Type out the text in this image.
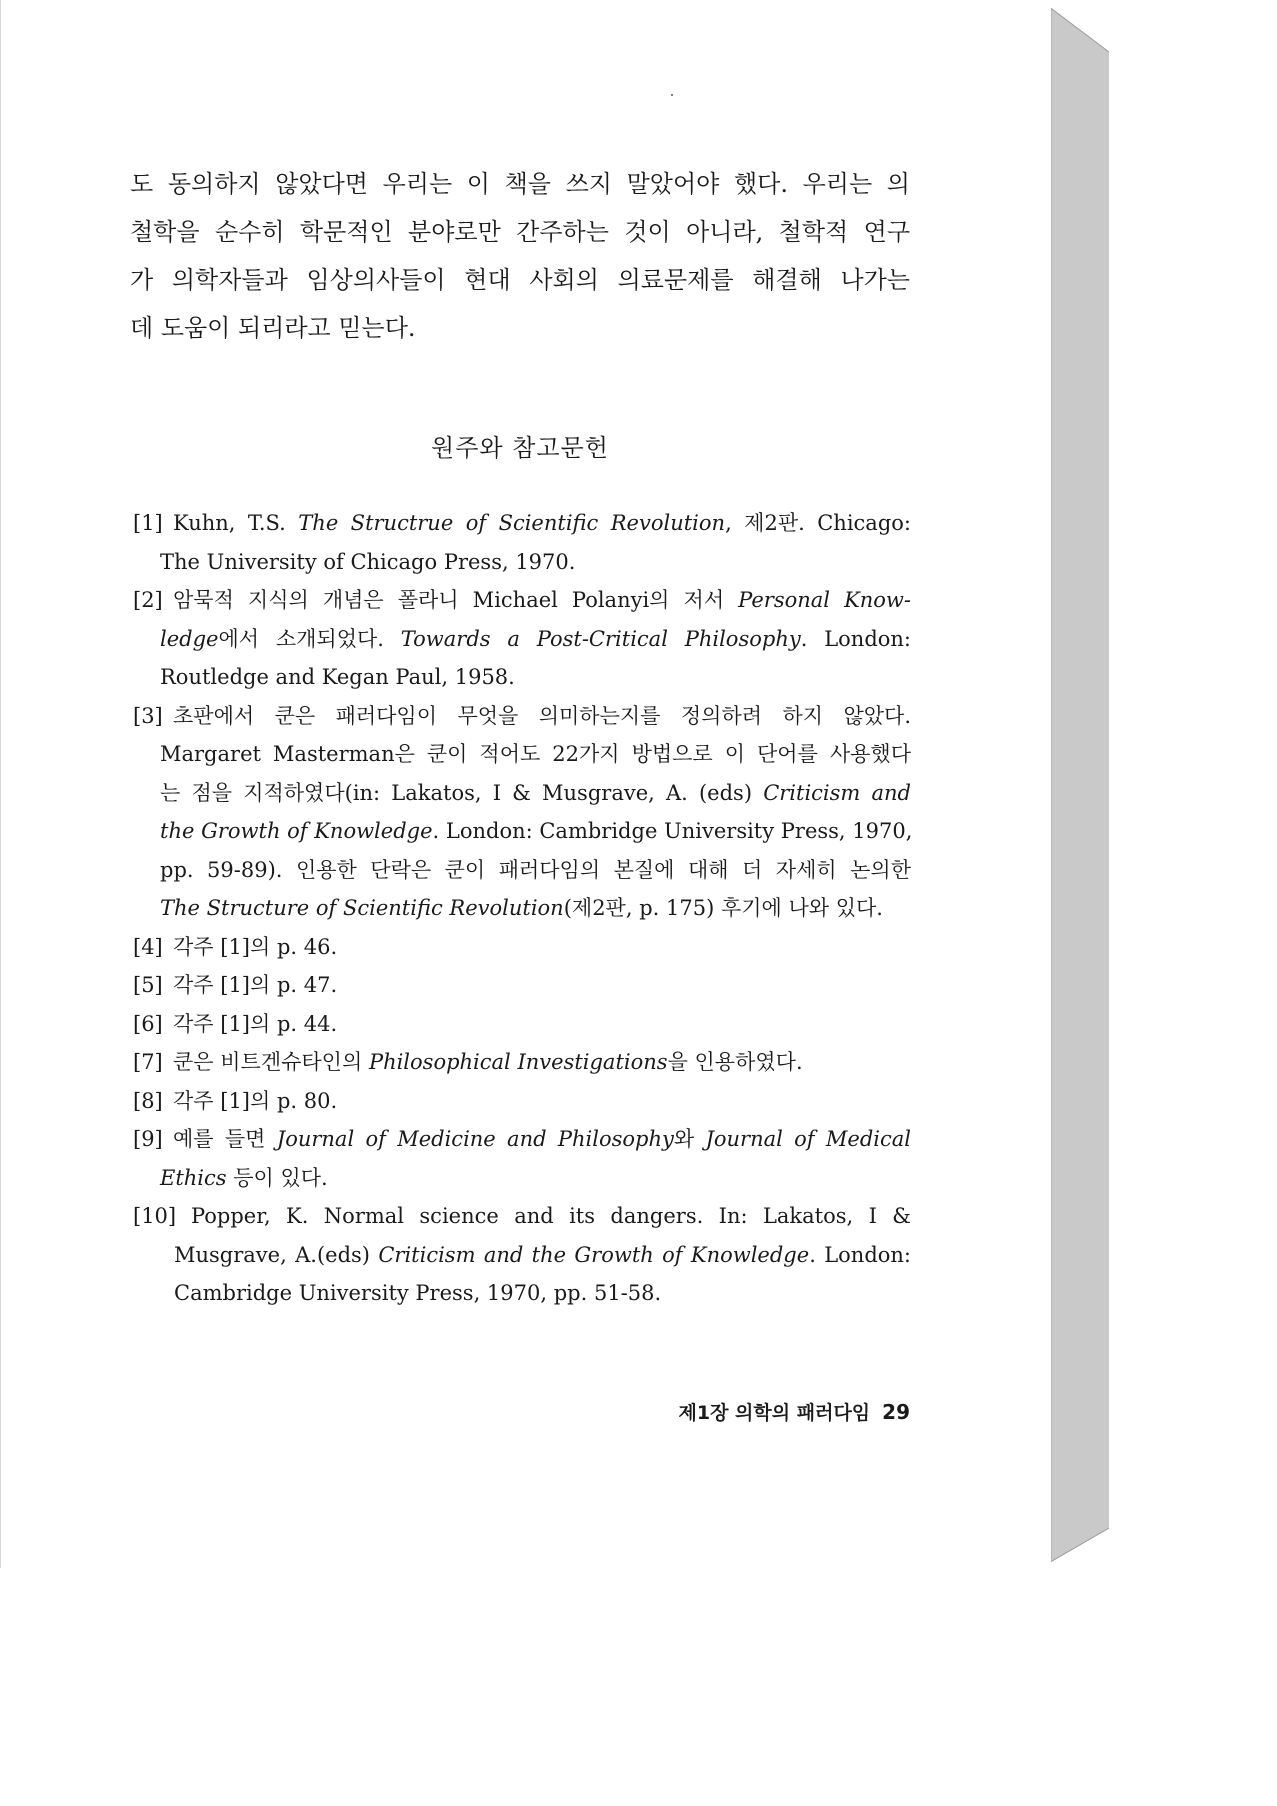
도 동의하지 않았다면 우리는 이 책을 쓰지 말았어야 했다. 우리는 의
철학을 순수히 학문적인 분야로만 간주하는 것이 아니라, 철학적 연구
가 의학자들과 임상의사들이 현대 사회의 의료문제를 해결해 나가는
데 도움이 되리라고 믿는다.
원주와 참고문헌
[1] Kuhn, T.S. The Structrue of Scientific Revolution, 제2판. Chicago:
The University of Chicago Press, 1970.
[2] 암묵적 지식의 개념은 폴라니 Michael Polanyi의 저서 Personal Know-
ledge에서 소개되었다. Towards a Post-Critical Philosophy. London:
Routledge and Kegan Paul, 1958.
[3] 초판에서 쿤은 패러다임이 무엇을 의미하는지를 정의하려 하지 않았다.
Margaret Masterman은 쿤이 적어도 22가지 방법으로 이 단어를 사용했다
는 점을 지적하였다(in: Lakatos, I & Musgrave, A. (eds) Criticism and
the Growth of Knowledge. London: Cambridge University Press, 1970,
pp. 59-89). 인용한 단락은 쿤이 패러다임의 본질에 대해 더 자세히 논의한
The Structure of Scientific Revolution(제2판, p. 175) 후기에 나와 있다.
[4] 각주 [1]의 p. 46.
[5] 각주 [1]의 p. 47.
[6] 각주 [1]의 p. 44.
[7] 쿤은 비트겐슈타인의 Philosophical Investigations을 인용하였다.
[8] 각주 [1]의 p. 80.
[9] 예를 들면 Journal of Medicine and Philosophy와 Journal of Medical
Ethics 등이 있다.
[10] Popper, K. Normal science and its dangers. In: Lakatos, I &
Musgrave, A.(eds) Criticism and the Growth of Knowledge. London:
Cambridge University Press, 1970, pp. 51-58.
제1장 의학의 패러다임 29
